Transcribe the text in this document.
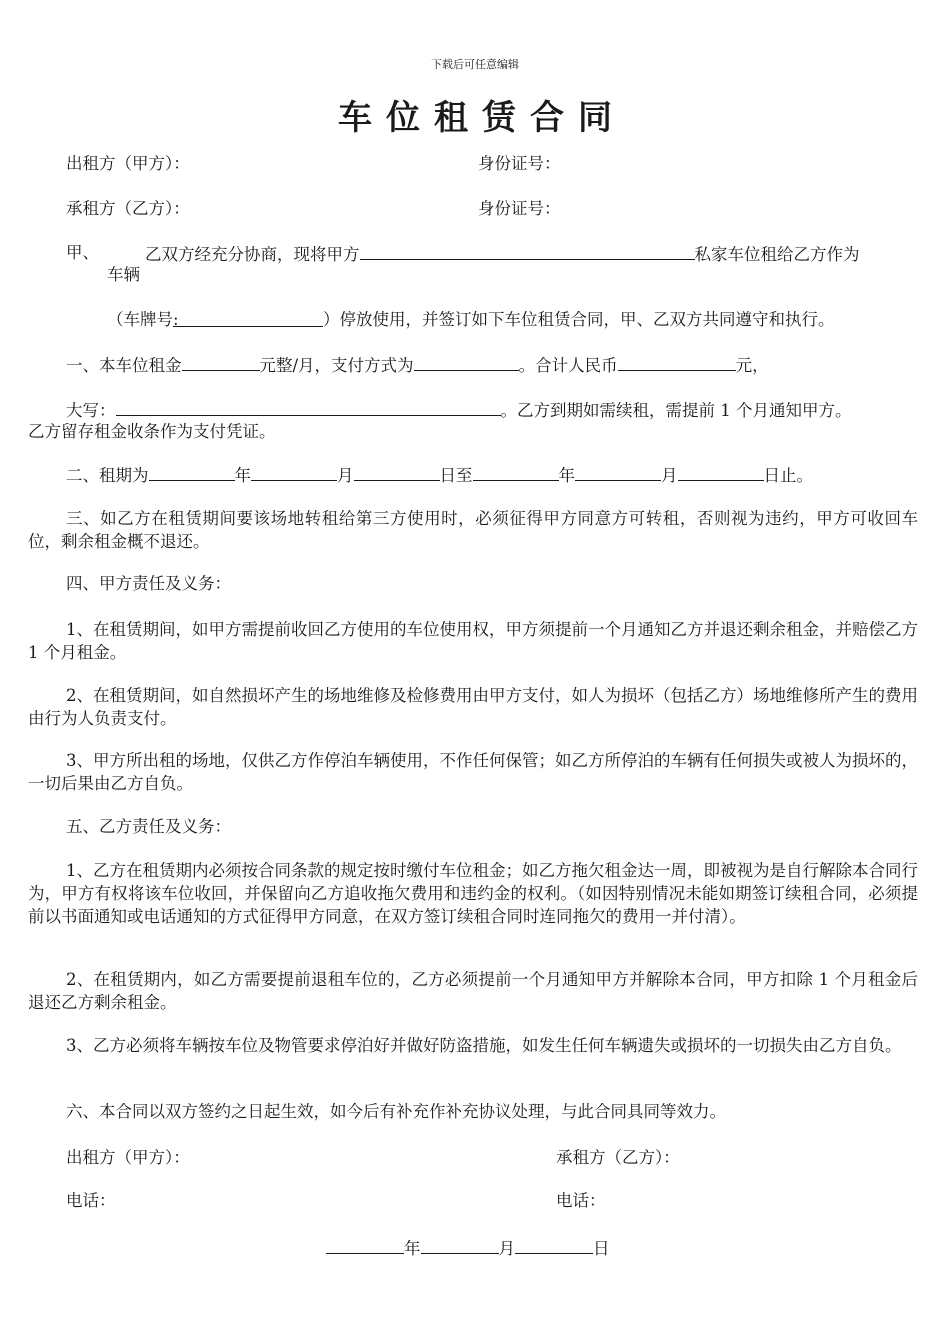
下载后可任意编辑
车位租赁合同
出租方（甲方）：	身份证号：
承租方（乙方）：	身份证号：
甲、	乙双方经充分协商，现将甲方	私家车位租给乙方作为
车辆
（车牌号:	）停放使用，并签订如下车位租赁合同，甲、乙双方共同遵守和执行。
一、本车位租金	元整/月，支付方式为	。合计人民币	元，
大写：	。乙方到期如需续租，需提前 1 个月通知甲方。
乙方留存租金收条作为支付凭证。
二、租期为	年	月	日至	年	月	日止。
三、如乙方在租赁期间要该场地转租给第三方使用时，必须征得甲方同意方可转租，否则视为违约，甲方可收回车位，剩余租金概不退还。
四、甲方责任及义务：
1、在租赁期间，如甲方需提前收回乙方使用的车位使用权，甲方须提前一个月通知乙方并退还剩余租金，并赔偿乙方 1 个月租金。
2、在租赁期间，如自然损坏产生的场地维修及检修费用由甲方支付，如人为损坏（包括乙方）场地维修所产生的费用由行为人负责支付。
3、甲方所出租的场地，仅供乙方作停泊车辆使用，不作任何保管；如乙方所停泊的车辆有任何损失或被人为损坏的，一切后果由乙方自负。
五、乙方责任及义务：
1、乙方在租赁期内必须按合同条款的规定按时缴付车位租金；如乙方拖欠租金达一周，即被视为是自行解除本合同行为，甲方有权将该车位收回，并保留向乙方追收拖欠费用和违约金的权利。（如因特别情况未能如期签订续租合同，必须提前以书面通知或电话通知的方式征得甲方同意，在双方签订续租合同时连同拖欠的费用一并付清）。
2、在租赁期内，如乙方需要提前退租车位的，乙方必须提前一个月通知甲方并解除本合同，甲方扣除 1 个月租金后退还乙方剩余租金。
3、乙方必须将车辆按车位及物管要求停泊好并做好防盗措施，如发生任何车辆遗失或损坏的一切损失由乙方自负。
六、本合同以双方签约之日起生效，如今后有补充作补充协议处理，与此合同具同等效力。
出租方（甲方）：	承租方（乙方）：
电话：	电话：
年	月	日
